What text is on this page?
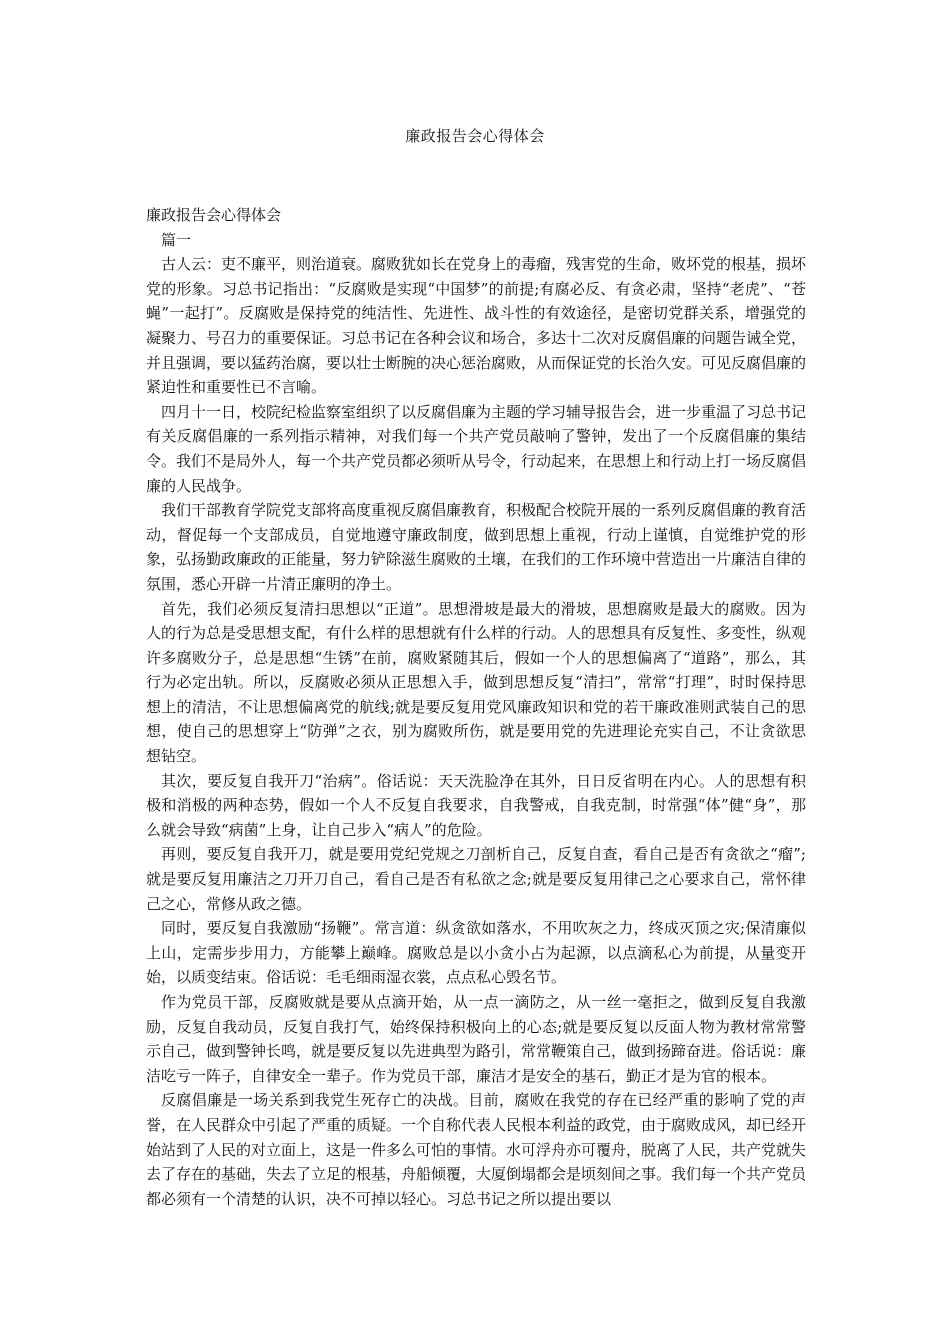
廉政报告会心得体会

廉政报告会心得体会

篇一

古人云：吏不廉平，则治道衰。腐败犹如长在党身上的毒瘤，残害党的生命，败坏党的根基，损坏党的形象。习总书记指出：“反腐败是实现“中国梦”的前提;有腐必反、有贪必肃，坚持“老虎”、“苍蝇”一起打”。反腐败是保持党的纯洁性、先进性、战斗性的有效途径，是密切党群关系，增强党的凝聚力、号召力的重要保证。习总书记在各种会议和场合，多达十二次对反腐倡廉的问题告诫全党，并且强调，要以猛药治腐，要以壮士断腕的决心惩治腐败，从而保证党的长治久安。可见反腐倡廉的紧迫性和重要性已不言喻。

四月十一日，校院纪检监察室组织了以反腐倡廉为主题的学习辅导报告会，进一步重温了习总书记有关反腐倡廉的一系列指示精神，对我们每一个共产党员敲响了警钟，发出了一个反腐倡廉的集结令。我们不是局外人，每一个共产党员都必须听从号令，行动起来，在思想上和行动上打一场反腐倡廉的人民战争。

我们干部教育学院党支部将高度重视反腐倡廉教育，积极配合校院开展的一系列反腐倡廉的教育活动，督促每一个支部成员，自觉地遵守廉政制度，做到思想上重视，行动上谨慎，自觉维护党的形象，弘扬勤政廉政的正能量，努力铲除滋生腐败的土壤，在我们的工作环境中营造出一片廉洁自律的氛围，悉心开辟一片清正廉明的净土。

首先，我们必须反复清扫思想以“正道”。思想滑坡是最大的滑坡，思想腐败是最大的腐败。因为人的行为总是受思想支配，有什么样的思想就有什么样的行动。人的思想具有反复性、多变性，纵观许多腐败分子，总是思想“生锈”在前，腐败紧随其后，假如一个人的思想偏离了“道路”，那么，其行为必定出轨。所以，反腐败必须从正思想入手，做到思想反复“清扫”，常常“打理”，时时保持思想上的清洁，不让思想偏离党的航线;就是要反复用党风廉政知识和党的若干廉政准则武装自己的思想，使自己的思想穿上“防弹”之衣，别为腐败所伤，就是要用党的先进理论充实自己，不让贪欲思想钻空。

其次，要反复自我开刀“治病”。俗话说：天天洗脸净在其外，日日反省明在内心。人的思想有积极和消极的两种态势，假如一个人不反复自我要求，自我警戒，自我克制，时常强“体”健“身”，那么就会导致“病菌”上身，让自己步入“病人”的危险。

再则，要反复自我开刀，就是要用党纪党规之刀剖析自己，反复自查，看自己是否有贪欲之“瘤”;就是要反复用廉洁之刀开刀自己，看自己是否有私欲之念;就是要反复用律己之心要求自己，常怀律己之心，常修从政之德。

同时，要反复自我激励“扬鞭”。常言道：纵贪欲如落水，不用吹灰之力，终成灭顶之灾;保清廉似上山，定需步步用力，方能攀上巅峰。腐败总是以小贪小占为起源，以点滴私心为前提，从量变开始，以质变结束。俗话说：毛毛细雨湿衣裳，点点私心毁名节。

作为党员干部，反腐败就是要从点滴开始，从一点一滴防之，从一丝一毫拒之，做到反复自我激励，反复自我动员，反复自我打气，始终保持积极向上的心态;就是要反复以反面人物为教材常常警示自己，做到警钟长鸣，就是要反复以先进典型为路引，常常鞭策自己，做到扬蹄奋进。俗话说：廉洁吃亏一阵子，自律安全一辈子。作为党员干部，廉洁才是安全的基石，勤正才是为官的根本。

反腐倡廉是一场关系到我党生死存亡的决战。目前，腐败在我党的存在已经严重的影响了党的声誉，在人民群众中引起了严重的质疑。一个自称代表人民根本利益的政党，由于腐败成风，却已经开始站到了人民的对立面上，这是一件多么可怕的事情。水可浮舟亦可覆舟，脱离了人民，共产党就失去了存在的基础，失去了立足的根基，舟船倾覆，大厦倒塌都会是顷刻间之事。我们每一个共产党员都必须有一个清楚的认识，决不可掉以轻心。习总书记之所以提出要以
